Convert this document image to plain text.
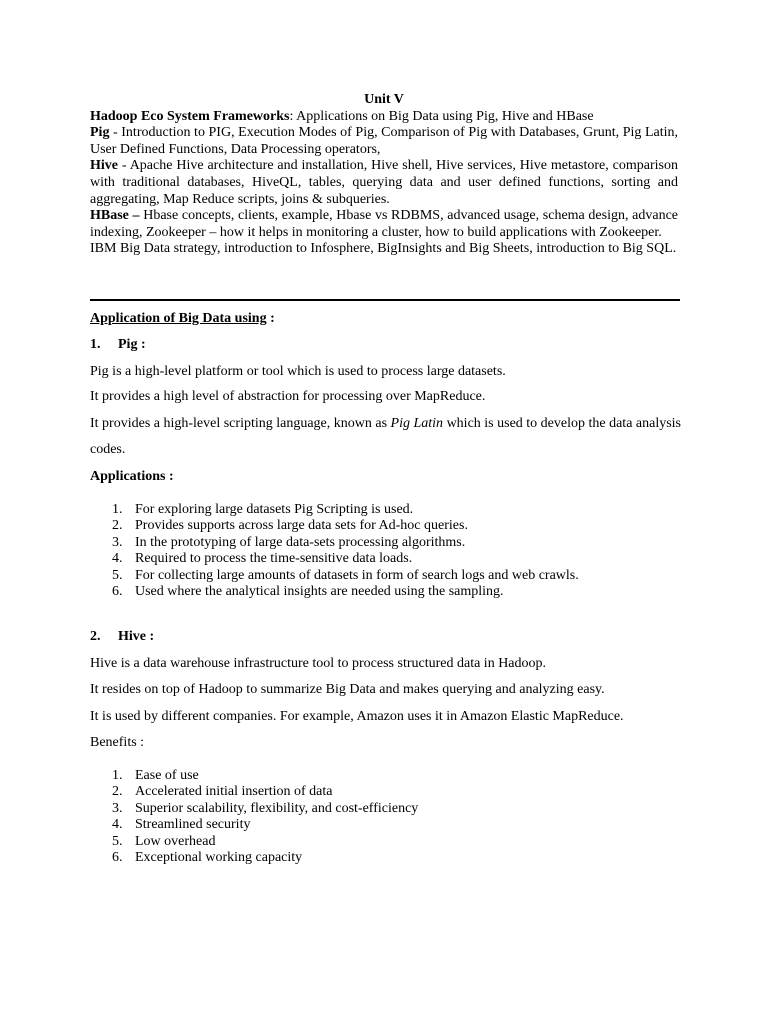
Unit V

Hadoop Eco System Frameworks: Applications on Big Data using Pig, Hive and HBase

Pig - Introduction to PIG, Execution Modes of Pig, Comparison of Pig with Databases, Grunt, Pig Latin, User Defined Functions, Data Processing operators,

Hive - Apache Hive architecture and installation, Hive shell, Hive services, Hive metastore, comparison with traditional databases, HiveQL, tables, querying data and user defined functions, sorting and aggregating, Map Reduce scripts, joins & subqueries.

HBase – Hbase concepts, clients, example, Hbase vs RDBMS, advanced usage, schema design, advance indexing, Zookeeper – how it helps in monitoring a cluster, how to build applications with Zookeeper.

IBM Big Data strategy, introduction to Infosphere, BigInsights and Big Sheets, introduction to Big SQL.

Application of Big Data using :

1. Pig :

Pig is a high-level platform or tool which is used to process large datasets.

It provides a high level of abstraction for processing over MapReduce.

It provides a high-level scripting language, known as Pig Latin which is used to develop the data analysis

codes.

Applications :

1. For exploring large datasets Pig Scripting is used.
2. Provides supports across large data sets for Ad-hoc queries.
3. In the prototyping of large data-sets processing algorithms.
4. Required to process the time-sensitive data loads.
5. For collecting large amounts of datasets in form of search logs and web crawls.
6. Used where the analytical insights are needed using the sampling.

2. Hive :

Hive is a data warehouse infrastructure tool to process structured data in Hadoop.

It resides on top of Hadoop to summarize Big Data and makes querying and analyzing easy.

It is used by different companies. For example, Amazon uses it in Amazon Elastic MapReduce.

Benefits :

1. Ease of use
2. Accelerated initial insertion of data
3. Superior scalability, flexibility, and cost-efficiency
4. Streamlined security
5. Low overhead
6. Exceptional working capacity
